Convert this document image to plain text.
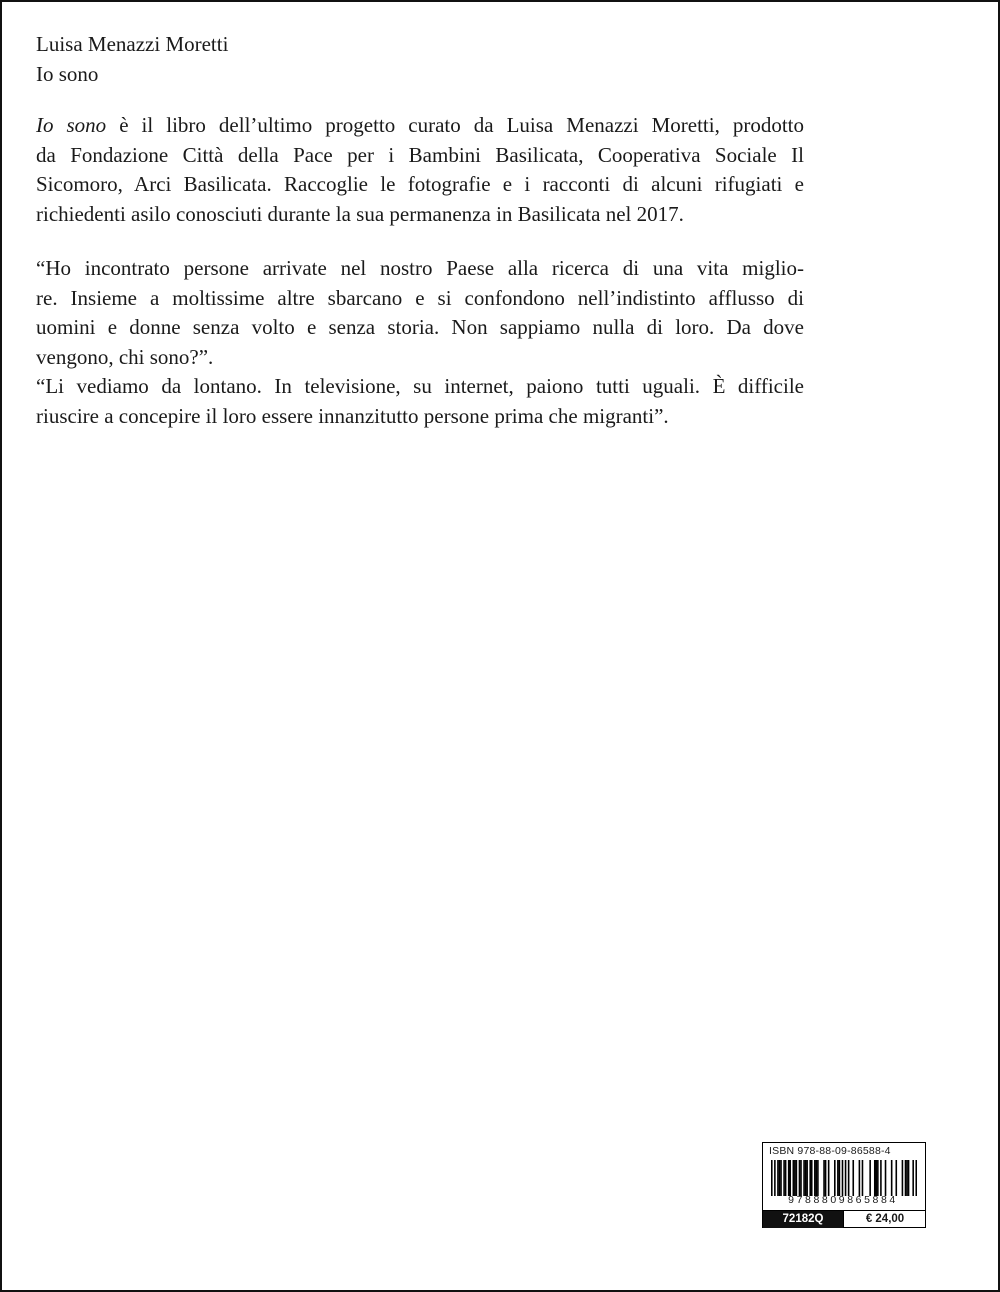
Luisa Menazzi Moretti
Io sono

Io sono è il libro dell’ultimo progetto curato da Luisa Menazzi Moretti, prodotto
da Fondazione Città della Pace per i Bambini Basilicata, Cooperativa Sociale Il
Sicomoro, Arci Basilicata. Raccoglie le fotografie e i racconti di alcuni rifugiati e
richiedenti asilo conosciuti durante la sua permanenza in Basilicata nel 2017.

“Ho incontrato persone arrivate nel nostro Paese alla ricerca di una vita miglio-
re. Insieme a moltissime altre sbarcano e si confondono nell’indistinto afflusso di
uomini e donne senza volto e senza storia. Non sappiamo nulla di loro. Da dove
vengono, chi sono?”.
“Li vediamo da lontano. In televisione, su internet, paiono tutti uguali. È difficile
riuscire a concepire il loro essere innanzitutto persone prima che migranti”.

ISBN 978-88-09-86588-4
9788809865884
72182Q	€ 24,00
